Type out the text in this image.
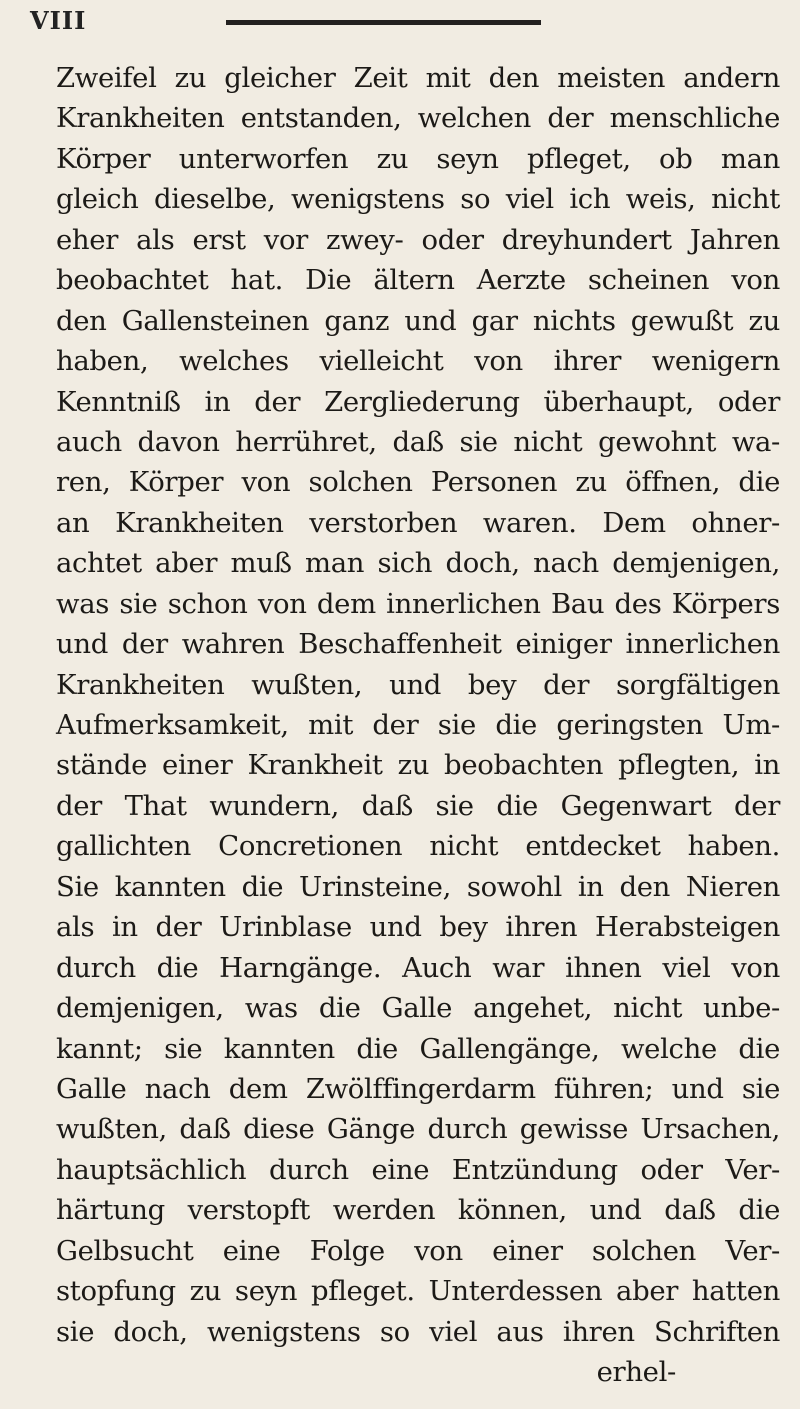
VIII
Zweifel zu gleicher Zeit mit den meisten andern
Krankheiten entstanden, welchen der menschliche
Körper unterworfen zu seyn pfleget, ob man
gleich dieselbe, wenigstens so viel ich weis, nicht
eher als erst vor zwey- oder dreyhundert Jahren
beobachtet hat. Die ältern Aerzte scheinen von
den Gallensteinen ganz und gar nichts gewußt zu
haben, welches vielleicht von ihrer wenigern
Kenntniß in der Zergliederung überhaupt, oder
auch davon herrühret, daß sie nicht gewohnt wa-
ren, Körper von solchen Personen zu öffnen, die
an Krankheiten verstorben waren. Dem ohner-
achtet aber muß man sich doch, nach demjenigen,
was sie schon von dem innerlichen Bau des Körpers
und der wahren Beschaffenheit einiger innerlichen
Krankheiten wußten, und bey der sorgfältigen
Aufmerksamkeit, mit der sie die geringsten Um-
stände einer Krankheit zu beobachten pflegten, in
der That wundern, daß sie die Gegenwart der
gallichten Concretionen nicht entdecket haben.
Sie kannten die Urinsteine, sowohl in den Nieren
als in der Urinblase und bey ihren Herabsteigen
durch die Harngänge. Auch war ihnen viel von
demjenigen, was die Galle angehet, nicht unbe-
kannt; sie kannten die Gallengänge, welche die
Galle nach dem Zwölffingerdarm führen; und sie
wußten, daß diese Gänge durch gewisse Ursachen,
hauptsächlich durch eine Entzündung oder Ver-
härtung verstopft werden können, und daß die
Gelbsucht eine Folge von einer solchen Ver-
stopfung zu seyn pfleget. Unterdessen aber hatten
sie doch, wenigstens so viel aus ihren Schriften
erhel-
